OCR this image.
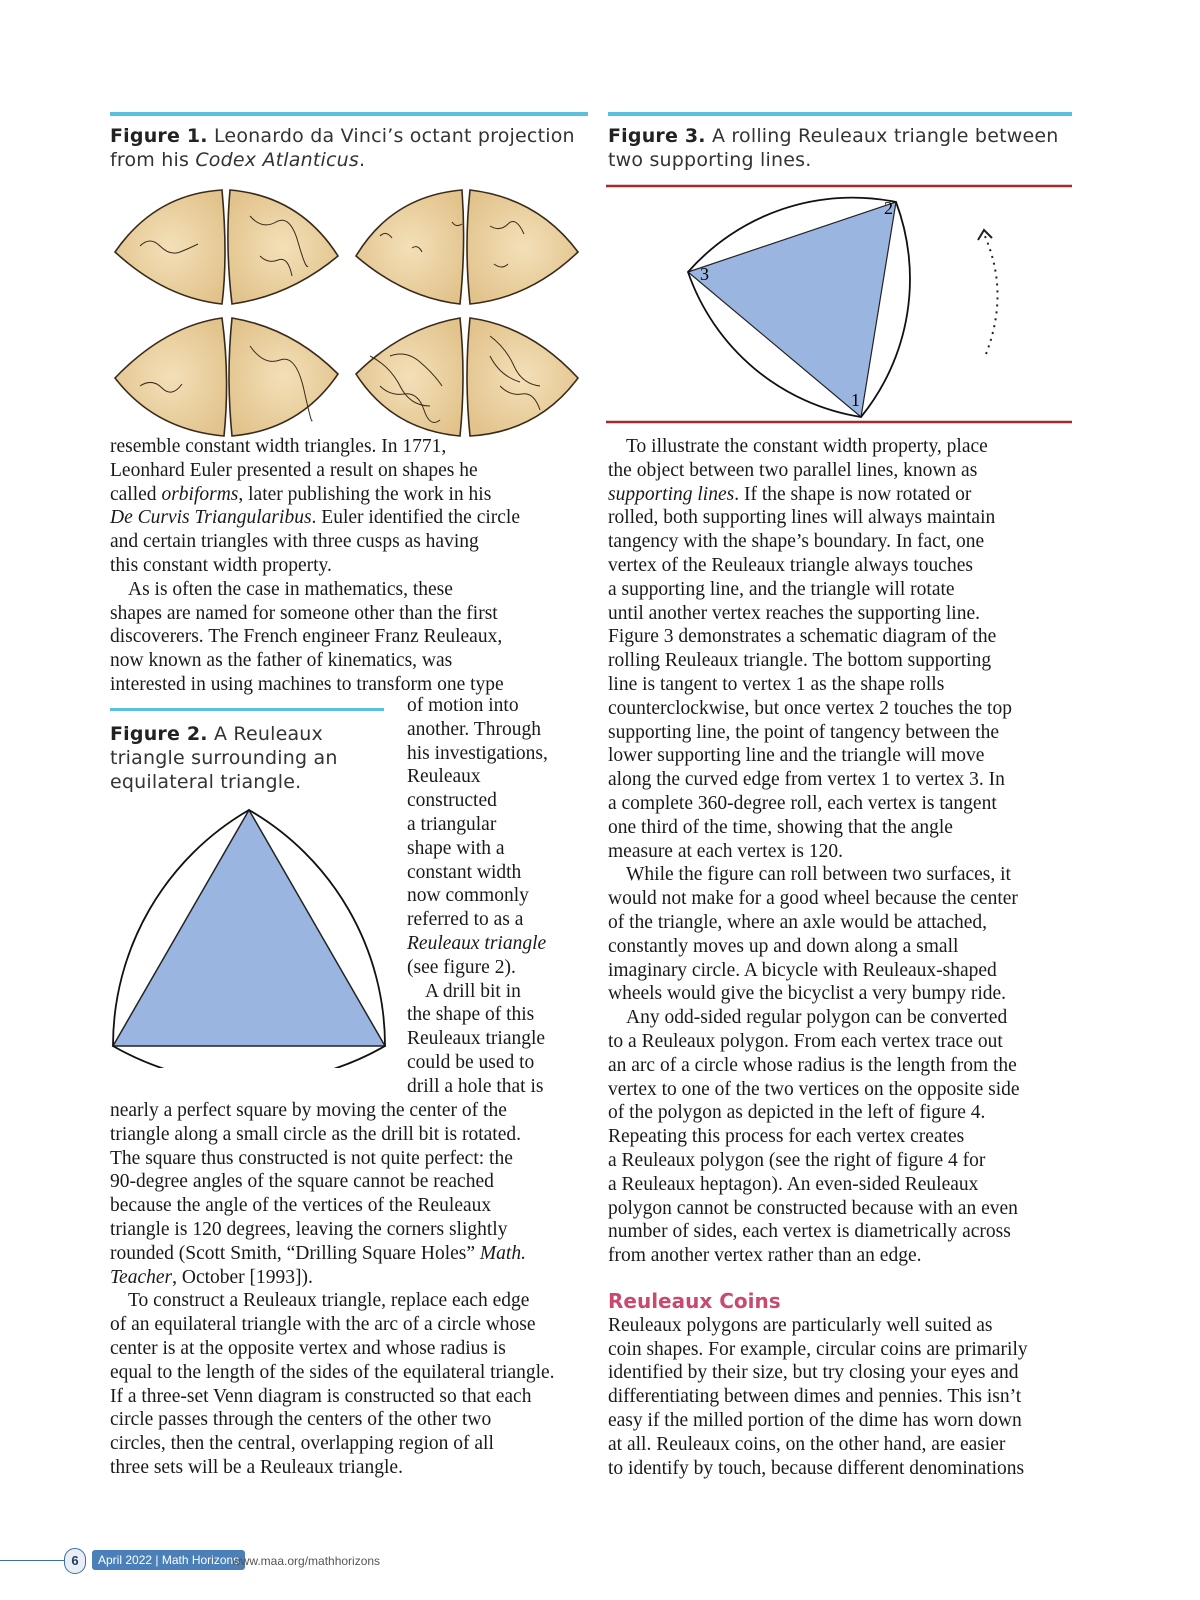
Figure 1. Leonardo da Vinci’s octant projection
from his Codex Atlanticus.
Figure 2. A Reuleaux
triangle surrounding an
equilateral triangle.
Figure 3. A rolling Reuleaux triangle between
two supporting lines.
2
3
1

resemble constant width triangles. In 1771,
Leonhard Euler presented a result on shapes he
called orbiforms, later publishing the work in his
De Curvis Triangularibus. Euler identified the circle
and certain triangles with three cusps as having
this constant width property.

As is often the case in mathematics, these
shapes are named for someone other than the first
discoverers. The French engineer Franz Reuleaux,
now known as the father of kinematics, was
interested in using machines to transform one type

of motion into
another. Through
his investigations,
Reuleaux
constructed
a triangular
shape with a
constant width
now commonly
referred to as a
Reuleaux triangle
(see figure 2).
A drill bit in
the shape of this
Reuleaux triangle
could be used to
drill a hole that is

nearly a perfect square by moving the center of the
triangle along a small circle as the drill bit is rotated.
The square thus constructed is not quite perfect: the
90-degree angles of the square cannot be reached
because the angle of the vertices of the Reuleaux
triangle is 120 degrees, leaving the corners slightly
rounded (Scott Smith, “Drilling Square Holes” Math.
Teacher, October [1993]).

To construct a Reuleaux triangle, replace each edge
of an equilateral triangle with the arc of a circle whose
center is at the opposite vertex and whose radius is
equal to the length of the sides of the equilateral triangle.
If a three-set Venn diagram is constructed so that each
circle passes through the centers of the other two
circles, then the central, overlapping region of all
three sets will be a Reuleaux triangle.

To illustrate the constant width property, place
the object between two parallel lines, known as
supporting lines. If the shape is now rotated or
rolled, both supporting lines will always maintain
tangency with the shape’s boundary. In fact, one
vertex of the Reuleaux triangle always touches
a supporting line, and the triangle will rotate
until another vertex reaches the supporting line.
Figure 3 demonstrates a schematic diagram of the
rolling Reuleaux triangle. The bottom supporting
line is tangent to vertex 1 as the shape rolls
counterclockwise, but once vertex 2 touches the top
supporting line, the point of tangency between the
lower supporting line and the triangle will move
along the curved edge from vertex 1 to vertex 3. In
a complete 360-degree roll, each vertex is tangent
one third of the time, showing that the angle
measure at each vertex is 120.

While the figure can roll between two surfaces, it
would not make for a good wheel because the center
of the triangle, where an axle would be attached,
constantly moves up and down along a small
imaginary circle. A bicycle with Reuleaux-shaped
wheels would give the bicyclist a very bumpy ride.

Any odd-sided regular polygon can be converted
to a Reuleaux polygon. From each vertex trace out
an arc of a circle whose radius is the length from the
vertex to one of the two vertices on the opposite side
of the polygon as depicted in the left of figure 4.
Repeating this process for each vertex creates
a Reuleaux polygon (see the right of figure 4 for
a Reuleaux heptagon). An even-sided Reuleaux
polygon cannot be constructed because with an even
number of sides, each vertex is diametrically across
from another vertex rather than an edge.

Reuleaux Coins

Reuleaux polygons are particularly well suited as
coin shapes. For example, circular coins are primarily
identified by their size, but try closing your eyes and
differentiating between dimes and pennies. This isn’t
easy if the milled portion of the dime has worn down
at all. Reuleaux coins, on the other hand, are easier
to identify by touch, because different denominations

6	April 2022 | Math Horizons
www.maa.org/mathhorizons
